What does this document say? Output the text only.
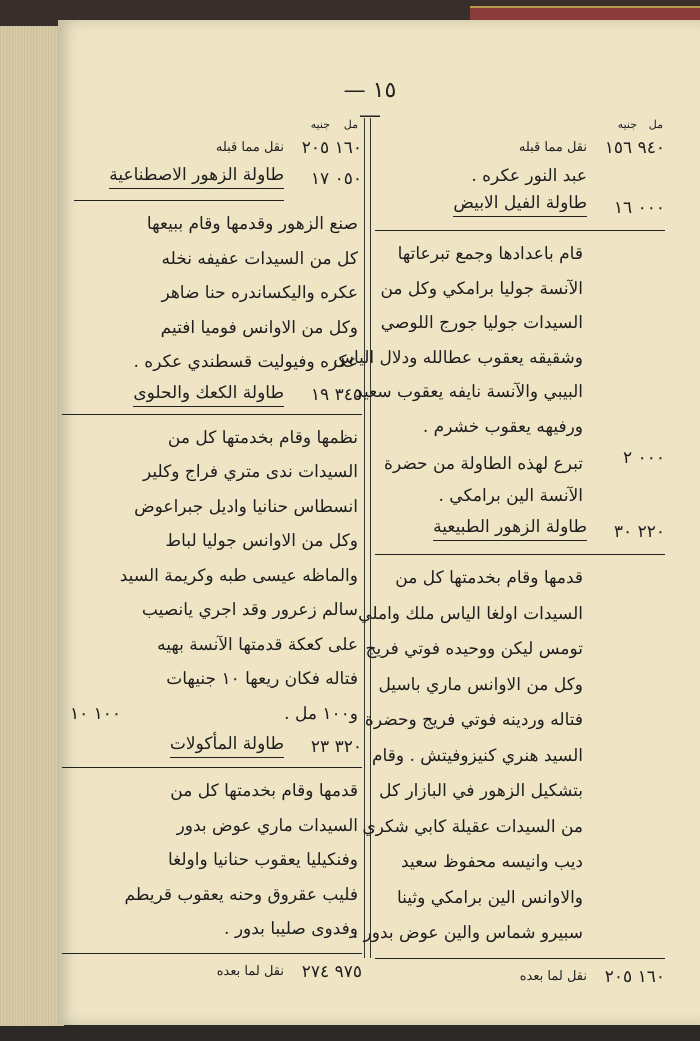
— ١٥ —	جنيه مل
٩٤٠ ١٥٦
نقل مما قبله
عبد النور عكره .
٠٠٠ ١٦
طاولة الفيل الابيض
قام باعدادها وجمع تبرعاتها
الآنسة جوليا برامكي وكل من
السيدات جوليا جورج اللوصي
وشقيقه يعقوب عطالله ودلال الياس
البيبي والآنسة نايفه يعقوب سعيد
ورفيهه يعقوب خشرم .
٠٠٠ ٢
تبرع لهذه الطاولة من حضرة
الآنسة الين برامكي .
٢٢٠ ٣٠
طاولة الزهور الطبيعية
قدمها وقام بخدمتها كل من
السيدات اولغا الياس ملك واملي
تومس ليكن ووحيده فوتي فريج
وكل من الاوانس ماري باسيل
فتاله وردينه فوتي فريج وحضرة
السيد هنري كنيزوفيتش . وقام
بتشكيل الزهور في البازار كل
من السيدات عقيلة كابي شكري
ديب وانيسه محفوظ سعيد
والاوانس الين برامكي وثينا
سبيرو شماس والين عوض بدور .
١٦٠ ٢٠٥
نقل لما بعده
جنيه مل
١٦٠ ٢٠٥
نقل مما قبله
٠٥٠ ١٧
طاولة الزهور الاصطناعية
صنع الزهور وقدمها وقام ببيعها
كل من السيدات عفيفه نخله
عكره واليكساندره حنا ضاهر
وكل من الاوانس فوميا افتيم
عكره وفيوليت قسطندي عكره .
٣٤٥ ١٩
طاولة الكعك والحلوى
نظمها وقام بخدمتها كل من
السيدات ندى متري فراج وكلير
انسطاس حنانيا واديل جبراعوض
وكل من الاوانس جوليا لباط
والماظه عيسى طبه وكريمة السيد
سالم زعرور وقد اجري يانصيب
على كعكة قدمتها الآنسة بهيه
فتاله فكان ريعها ١٠ جنيهات
و١٠٠ مل .
١٠٠ ١٠
٣٢٠ ٢٣
طاولة المأكولات
قدمها وقام بخدمتها كل من
السيدات ماري عوض بدور
وفنكيليا يعقوب حنانيا واولغا
فليب عقروق وحنه يعقوب قريطم
وفدوى صليبا بدور .
٩٧٥ ٢٧٤
نقل لما بعده
